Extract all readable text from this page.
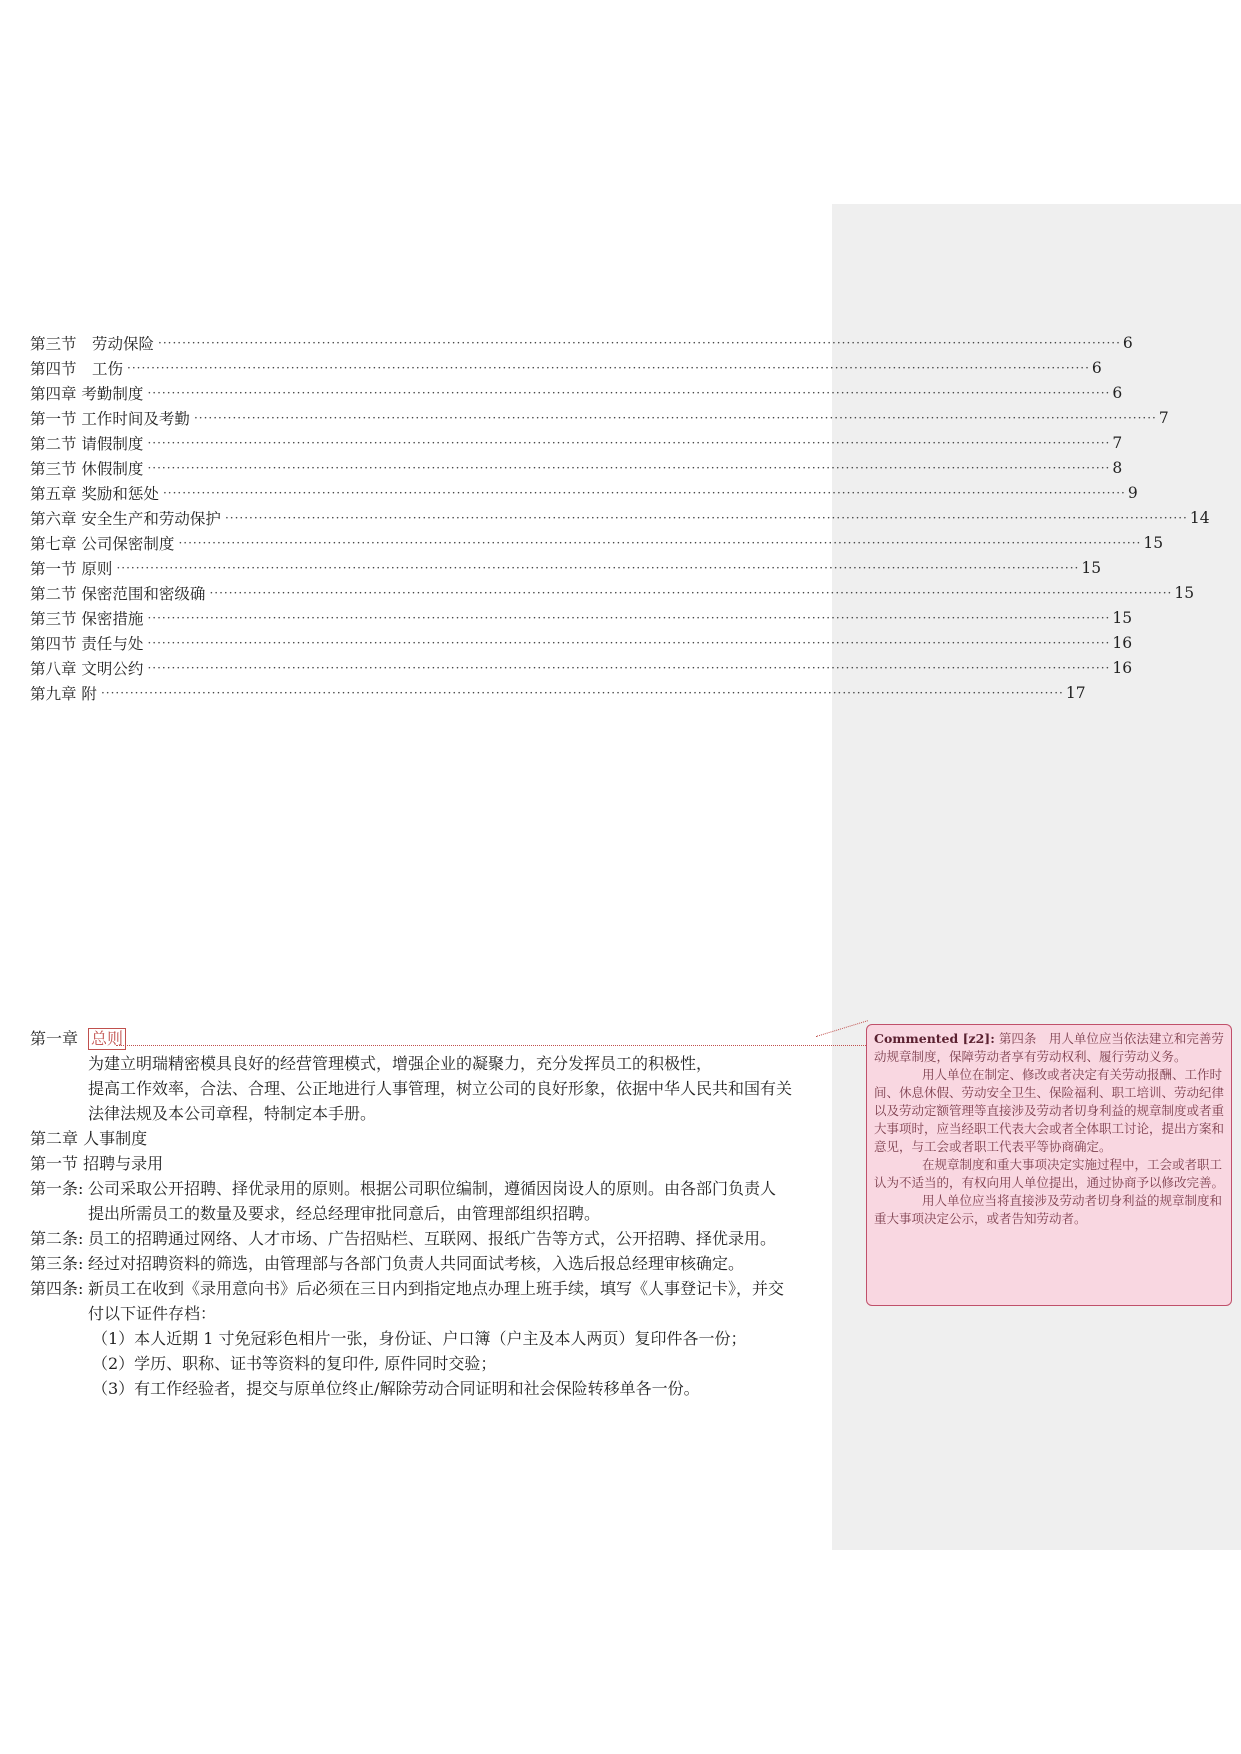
第三节　劳动保险 ········································································································································································································ 6
第四节　工伤 ········································································································································································································ 6
第四章 考勤制度 ········································································································································································································ 6
第一节 工作时间及考勤 ········································································································································································································ 7
第二节 请假制度 ········································································································································································································ 7
第三节 休假制度 ········································································································································································································ 8
第五章 奖励和惩处 ········································································································································································································ 9
第六章 安全生产和劳动保护 ········································································································································································································ 14
第七章 公司保密制度 ········································································································································································································ 15
第一节 原则 ········································································································································································································ 15
第二节 保密范围和密级确 ········································································································································································································ 15
第三节 保密措施 ········································································································································································································ 15
第四节 责任与处 ········································································································································································································ 16
第八章 文明公约 ········································································································································································································ 16
第九章 附 ········································································································································································································ 17
第一章 总则
为建立明瑞精密模具良好的经营管理模式，增强企业的凝聚力，充分发挥员工的积极性，
提高工作效率，合法、合理、公正地进行人事管理，树立公司的良好形象，依据中华人民共和国有关
法律法规及本公司章程，特制定本手册。
第二章 人事制度
第一节 招聘与录用
第一条: 公司采取公开招聘、择优录用的原则。根据公司职位编制，遵循因岗设人的原则。由各部门负责人
提出所需员工的数量及要求，经总经理审批同意后，由管理部组织招聘。
第二条: 员工的招聘通过网络、人才市场、广告招贴栏、互联网、报纸广告等方式，公开招聘、择优录用。
第三条: 经过对招聘资料的筛选，由管理部与各部门负责人共同面试考核，入选后报总经理审核确定。
第四条: 新员工在收到《录用意向书》后必须在三日内到指定地点办理上班手续，填写《人事登记卡》，并交
付以下证件存档：
（1）本人近期 1 寸免冠彩色相片一张，身份证、户口簿（户主及本人两页）复印件各一份；
（2）学历、职称、证书等资料的复印件, 原件同时交验；
（3）有工作经验者，提交与原单位终止/解除劳动合同证明和社会保险转移单各一份。

Commented [z2]: 第四条　用人单位应当依法建立和完善劳动规章制度，保障劳动者享有劳动权利、履行劳动义务。

用人单位在制定、修改或者决定有关劳动报酬、工作时间、休息休假、劳动安全卫生、保险福利、职工培训、劳动纪律以及劳动定额管理等直接涉及劳动者切身利益的规章制度或者重大事项时，应当经职工代表大会或者全体职工讨论，提出方案和意见，与工会或者职工代表平等协商确定。

在规章制度和重大事项决定实施过程中，工会或者职工认为不适当的，有权向用人单位提出，通过协商予以修改完善。

用人单位应当将直接涉及劳动者切身利益的规章制度和重大事项决定公示，或者告知劳动者。
